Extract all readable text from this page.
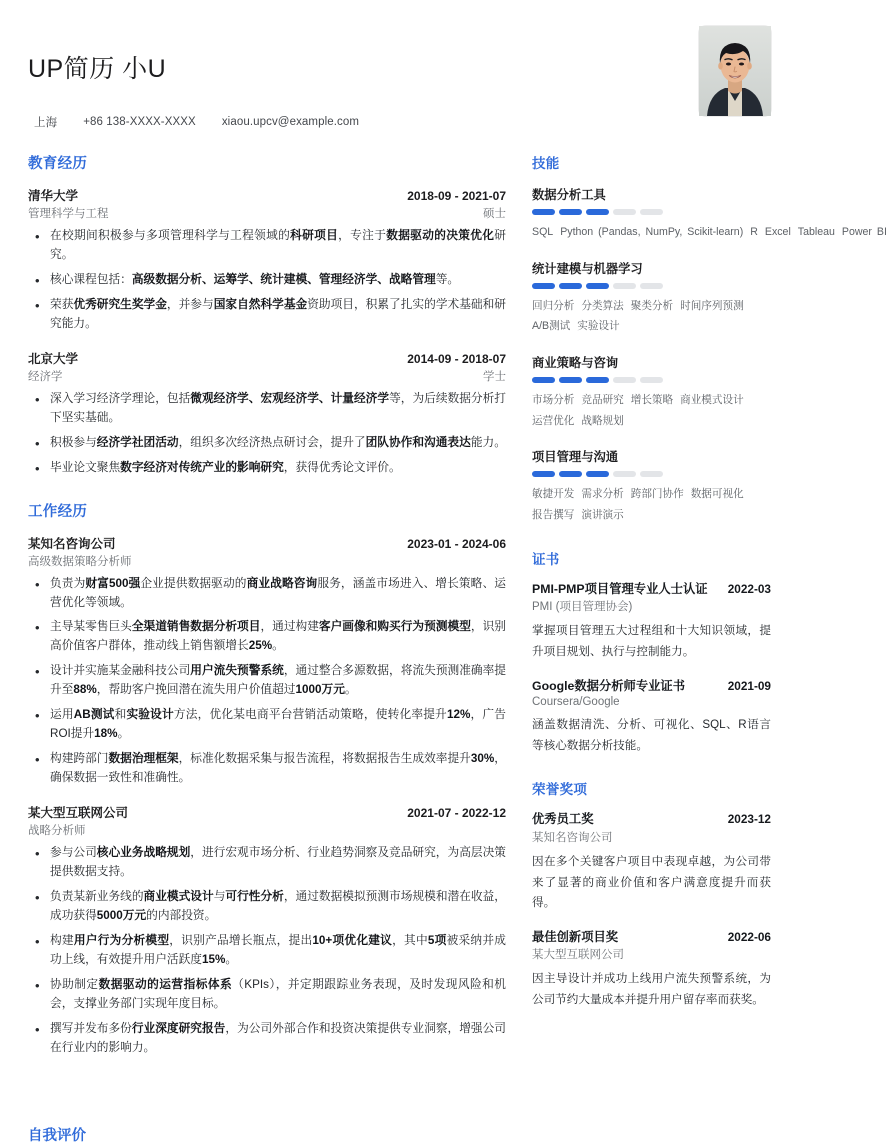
UP简历 小U
上海 +86 138-XXXX-XXXX xiaou.upcv@example.com
教育经历
清华大学	2018-09 - 2021-07
管理科学与工程	硕士
• 在校期间积极参与多项管理科学与工程领域的科研项目，专注于数据驱动的决策优化研究。
• 核心课程包括：高级数据分析、运筹学、统计建模、管理经济学、战略管理等。
• 荣获优秀研究生奖学金，并参与国家自然科学基金资助项目，积累了扎实的学术基础和研究能力。
北京大学	2014-09 - 2018-07
经济学	学士
• 深入学习经济学理论，包括微观经济学、宏观经济学、计量经济学等，为后续数据分析打下坚实基础。
• 积极参与经济学社团活动，组织多次经济热点研讨会，提升了团队协作和沟通表达能力。
• 毕业论文聚焦数字经济对传统产业的影响研究，获得优秀论文评价。
工作经历
某知名咨询公司	2023-01 - 2024-06
高级数据策略分析师
• 负责为财富500强企业提供数据驱动的商业战略咨询服务，涵盖市场进入、增长策略、运营优化等领域。
• 主导某零售巨头全渠道销售数据分析项目，通过构建客户画像和购买行为预测模型，识别高价值客户群体，推动线上销售额增长25%。
• 设计并实施某金融科技公司用户流失预警系统，通过整合多源数据，将流失预测准确率提升至88%，帮助客户挽回潜在流失用户价值超过1000万元。
• 运用AB测试和实验设计方法，优化某电商平台营销活动策略，使转化率提升12%，广告ROI提升18%。
• 构建跨部门数据治理框架，标准化数据采集与报告流程，将数据报告生成效率提升30%，确保数据一致性和准确性。
某大型互联网公司	2021-07 - 2022-12
战略分析师
• 参与公司核心业务战略规划，进行宏观市场分析、行业趋势洞察及竞品研究，为高层决策提供数据支持。
• 负责某新业务线的商业模式设计与可行性分析，通过数据模拟预测市场规模和潜在收益，成功获得5000万元的内部投资。
• 构建用户行为分析模型，识别产品增长瓶点，提出10+项优化建议，其中5项被采纳并成功上线，有效提升用户活跃度15%。
• 协助制定数据驱动的运营指标体系（KPIs），并定期跟踪业务表现，及时发现风险和机会，支撑业务部门实现年度目标。
• 撰写并发布多份行业深度研究报告，为公司外部合作和投资决策提供专业洞察，增强公司在行业内的影响力。
技能
数据分析工具
SQL Python (Pandas, NumPy, Scikit-learn) R Excel Tableau Power BI
统计建模与机器学习
回归分析 分类算法 聚类分析 时间序列预测A/B测试 实验设计
商业策略与咨询
市场分析 竞品研究 增长策略 商业模式设计运营优化 战略规划
项目管理与沟通
敏捷开发 需求分析 跨部门协作 数据可视化报告撰写 演讲演示
证书
PMI-PMP项目管理专业人士认证 2022-03
PMI (项目管理协会)
掌握项目管理五大过程组和十大知识领域，提升项目规划、执行与控制能力。
Google数据分析师专业证书	2021-09
Coursera/Google
涵盖数据清洗、分析、可视化、SQL、R语言等核心数据分析技能。
荣誉奖项
优秀员工奖	2023-12
某知名咨询公司
因在多个关键客户项目中表现卓越，为公司带来了显著的商业价值和客户满意度提升而获得。
最佳创新项目奖	2022-06
某大型互联网公司
因主导设计并成功上线用户流失预警系统，为公司节约大量成本并提升用户留存率而获奖。
自我评价
